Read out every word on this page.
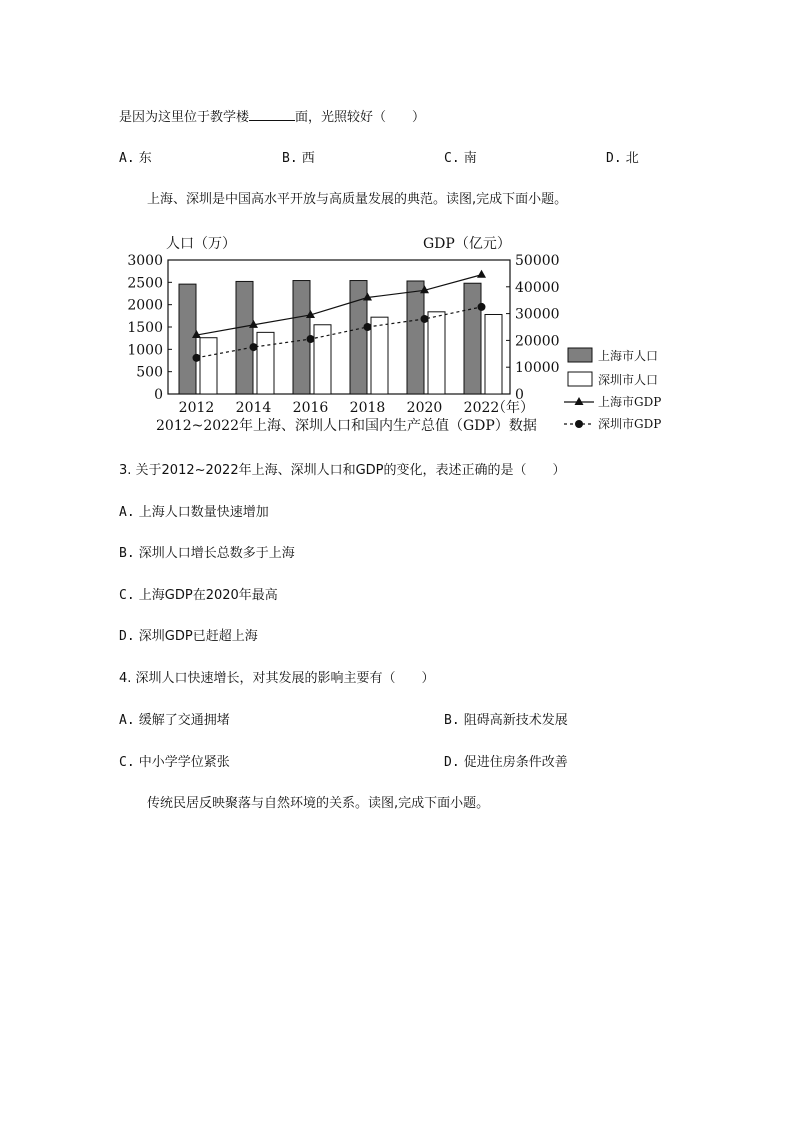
是因为这里位于教学楼	面，光照较好（　　）
A. 东	B. 西	C. 南	D. 北
上海、深圳是中国高水平开放与高质量发展的典范。读图,完成下面小题。
人口（万）	GDP（亿元）
3000
2500
2000
1500
1000
500
0
50000
40000
30000
20000
10000
0
2012 2014 2016 2018 2020 2022
（年）
2012~2022年上海、深圳人口和国内生产总值（GDP）数据
上海市人口
深圳市人口
上海市GDP
深圳市GDP
3. 关于2012~2022年上海、深圳人口和GDP的变化，表述正确的是（　　）
A. 上海人口数量快速增加
B. 深圳人口增长总数多于上海
C. 上海GDP在2020年最高
D. 深圳GDP已赶超上海
4. 深圳人口快速增长，对其发展的影响主要有（　　）
A. 缓解了交通拥堵	B. 阻碍高新技术发展
C. 中小学学位紧张	D. 促进住房条件改善
传统民居反映聚落与自然环境的关系。读图,完成下面小题。
